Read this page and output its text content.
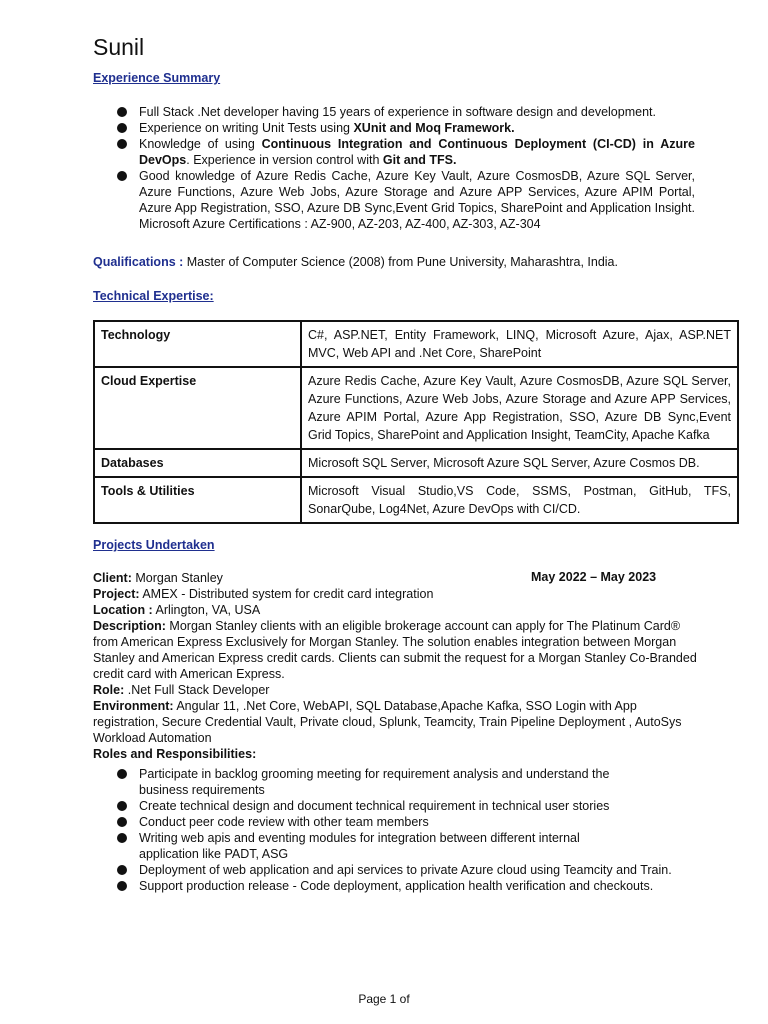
Sunil
Experience Summary
Full Stack .Net developer having 15 years of experience in software design and development.
Experience on writing Unit Tests using XUnit and Moq Framework.
Knowledge of using Continuous Integration and Continuous Deployment (CI-CD) in Azure DevOps. Experience in version control with Git and TFS.
Good knowledge of Azure Redis Cache, Azure Key Vault, Azure CosmosDB, Azure SQL Server, Azure Functions, Azure Web Jobs, Azure Storage and Azure APP Services, Azure APIM Portal, Azure App Registration, SSO, Azure DB Sync,Event Grid Topics, SharePoint and Application Insight. Microsoft Azure Certifications : AZ-900, AZ-203, AZ-400, AZ-303, AZ-304
Qualifications : Master of Computer Science (2008) from Pune University, Maharashtra, India.
Technical Expertise:
Technology	C#, ASP.NET, Entity Framework, LINQ, Microsoft Azure, Ajax, ASP.NET MVC, Web API and .Net Core, SharePoint
Cloud Expertise	Azure Redis Cache, Azure Key Vault, Azure CosmosDB, Azure SQL Server, Azure Functions, Azure Web Jobs, Azure Storage and Azure APP Services, Azure APIM Portal, Azure App Registration, SSO, Azure DB Sync,Event Grid Topics, SharePoint and Application Insight, TeamCity, Apache Kafka
Databases	Microsoft SQL Server, Microsoft Azure SQL Server, Azure Cosmos DB.
Tools & Utilities	Microsoft Visual Studio,VS Code, SSMS, Postman, GitHub, TFS, SonarQube, Log4Net, Azure DevOps with CI/CD.
Projects Undertaken
May 2022 – May 2023

Client: Morgan Stanley

Project: AMEX - Distributed system for credit card integration

Location : Arlington, VA, USA

Description: Morgan Stanley clients with an eligible brokerage account can apply for The Platinum Card® from American Express Exclusively for Morgan Stanley. The solution enables integration between Morgan Stanley and American Express credit cards. Clients can submit the request for a Morgan Stanley Co-Branded credit card with American Express.

Role: .Net Full Stack Developer

Environment: Angular 11, .Net Core, WebAPI, SQL Database,Apache Kafka, SSO Login with App registration, Secure Credential Vault, Private cloud, Splunk, Teamcity, Train Pipeline Deployment , AutoSys Workload Automation

Roles and Responsibilities:

Participate in backlog grooming meeting for requirement analysis and understand the business requirements
Create technical design and document technical requirement in technical user stories
Conduct peer code review with other team members
Writing web apis and eventing modules for integration between different internal application like PADT, ASG
Deployment of web application and api services to private Azure cloud using Teamcity and Train.
Support production release - Code deployment, application health verification and checkouts.
Page 1 of
